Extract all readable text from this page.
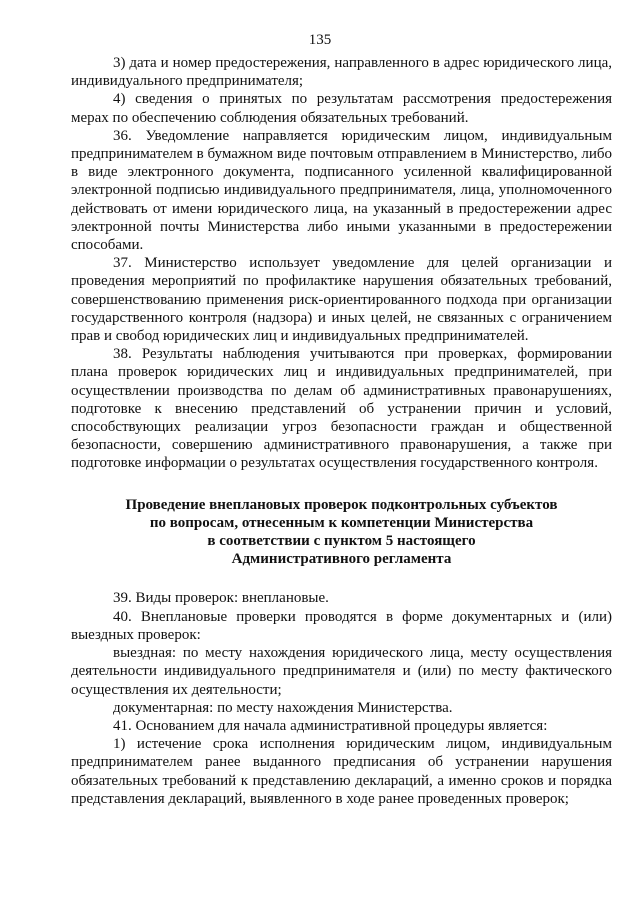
135

3) дата и номер предостережения, направленного в адрес юридического лица, индивидуального предпринимателя;

4) сведения о принятых по результатам рассмотрения предостережения мерах по обеспечению соблюдения обязательных требований.

36. Уведомление направляется юридическим лицом, индивидуальным предпринимателем в бумажном виде почтовым отправлением в Министерство, либо в виде электронного документа, подписанного усиленной квалифицированной электронной подписью индивидуального предпринимателя, лица, уполномоченного действовать от имени юридического лица, на указанный в предостережении адрес электронной почты Министерства либо иными указанными в предостережении способами.

37. Министерство использует уведомление для целей организации и проведения мероприятий по профилактике нарушения обязательных требований, совершенствованию применения риск-ориентированного подхода при организации государственного контроля (надзора) и иных целей, не связанных с ограничением прав и свобод юридических лиц и индивидуальных предпринимателей.

38. Результаты наблюдения учитываются при проверках, формировании плана проверок юридических лиц и индивидуальных предпринимателей, при осуществлении производства по делам об административных правонарушениях, подготовке к внесению представлений об устранении причин и условий, способствующих реализации угроз безопасности граждан и общественной безопасности, совершению административного правонарушения, а также при подготовке информации о результатах осуществления государственного контроля.

Проведение внеплановых проверок подконтрольных субъектов
по вопросам, отнесенным к компетенции Министерства
в соответствии с пунктом 5 настоящего
Административного регламента

39. Виды проверок: внеплановые.

40. Внеплановые проверки проводятся в форме документарных и (или) выездных проверок:

выездная: по месту нахождения юридического лица, месту осуществления деятельности индивидуального предпринимателя и (или) по месту фактического осуществления их деятельности;

документарная: по месту нахождения Министерства.

41. Основанием для начала административной процедуры является:

1) истечение срока исполнения юридическим лицом, индивидуальным предпринимателем ранее выданного предписания об устранении нарушения обязательных требований к представлению деклараций, а именно сроков и порядка представления деклараций, выявленного в ходе ранее проведенных проверок;
